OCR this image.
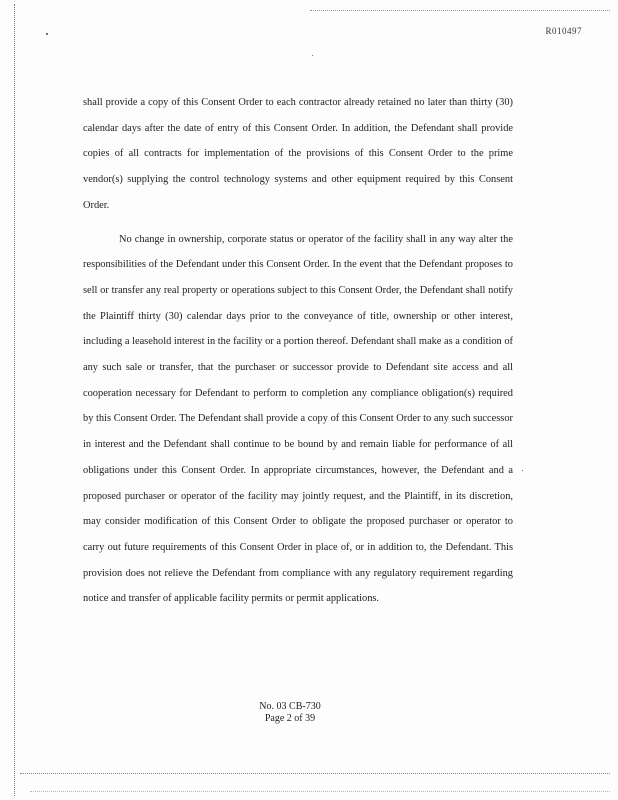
R010497

shall provide a copy of this Consent Order to each contractor already retained no later than thirty (30) calendar days after the date of entry of this Consent Order. In addition, the Defendant shall provide copies of all contracts for implementation of the provisions of this Consent Order to the prime vendor(s) supplying the control technology systems and other equipment required by this Consent Order.

No change in ownership, corporate status or operator of the facility shall in any way alter the responsibilities of the Defendant under this Consent Order. In the event that the Defendant proposes to sell or transfer any real property or operations subject to this Consent Order, the Defendant shall notify the Plaintiff thirty (30) calendar days prior to the conveyance of title, ownership or other interest, including a leasehold interest in the facility or a portion thereof. Defendant shall make as a condition of any such sale or transfer, that the purchaser or successor provide to Defendant site access and all cooperation necessary for Defendant to perform to completion any compliance obligation(s) required by this Consent Order. The Defendant shall provide a copy of this Consent Order to any such successor in interest and the Defendant shall continue to be bound by and remain liable for performance of all obligations under this Consent Order. In appropriate circumstances, however, the Defendant and a proposed purchaser or operator of the facility may jointly request, and the Plaintiff, in its discretion, may consider modification of this Consent Order to obligate the proposed purchaser or operator to carry out future requirements of this Consent Order in place of, or in addition to, the Defendant. This provision does not relieve the Defendant from compliance with any regulatory requirement regarding notice and transfer of applicable facility permits or permit applications.

No. 03 CB-730
Page 2 of 39
